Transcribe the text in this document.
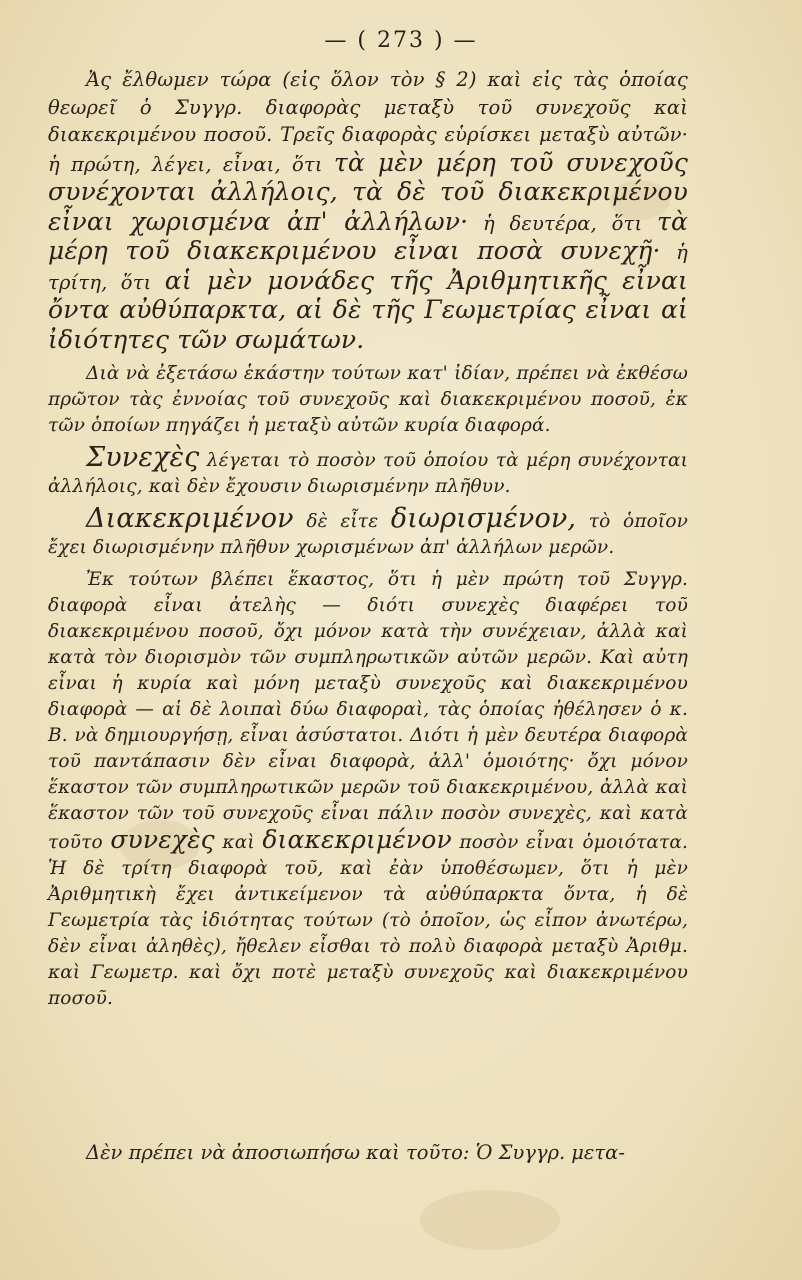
— ( 273 ) —

Ἀς ἔλθωμεν τώρα (εἰς ὅλον τὸν § 2) καὶ εἰς τὰς ὁποίας θεωρεῖ ὁ Συγγρ. διαφορὰς μεταξὺ τοῦ συνεχοῦς καὶ διακεκριμένου ποσοῦ. Τρεῖς διαφορὰς εὑρίσκει μεταξὺ αὐτῶν· ἡ πρώτη, λέγει, εἶναι, ὅτι τὰ μὲν μέρη τοῦ συνεχοῦς συνέχονται ἀλλήλοις, τὰ δὲ τοῦ διακεκριμένου εἶναι χωρισμένα ἀπ' ἀλλήλων· ἡ δευτέρα, ὅτι τὰ μέρη τοῦ διακεκριμένου εἶναι ποσὰ συνεχῆ· ἡ τρίτη, ὅτι αἱ μὲν μονάδες τῆς Ἀριθμητικῆς εἶναι ὄντα αὐθύπαρκτα, αἱ δὲ τῆς Γεωμετρίας εἶναι αἱ ἰδιότητες τῶν σωμάτων.

Διὰ νὰ ἐξετάσω ἑκάστην τούτων κατ' ἰδίαν, πρέπει νὰ ἐκθέσω πρῶτον τὰς ἐννοίας τοῦ συνεχοῦς καὶ διακεκριμένου ποσοῦ, ἐκ τῶν ὁποίων πηγάζει ἡ μεταξὺ αὐτῶν κυρία διαφορά.

Συνεχὲς λέγεται τὸ ποσὸν τοῦ ὁποίου τὰ μέρη συνέχονται ἀλλήλοις, καὶ δὲν ἔχουσιν διωρισμένην πλῆθυν.

Διακεκριμένον δὲ εἶτε διωρισμένον, τὸ ὁποῖον ἔχει διωρισμένην πλῆθυν χωρισμένων ἀπ' ἀλλήλων μερῶν.

Ἐκ τούτων βλέπει ἕκαστος, ὅτι ἡ μὲν πρώτη τοῦ Συγγρ. διαφορὰ εἶναι ἀτελὴς — διότι συνεχὲς διαφέρει τοῦ διακεκριμένου ποσοῦ, ὄχι μόνον κατὰ τὴν συνέχειαν, ἀλλὰ καὶ κατὰ τὸν διορισμὸν τῶν συμπληρωτικῶν αὐτῶν μερῶν. Καὶ αὐτη εἶναι ἡ κυρία καὶ μόνη μεταξὺ συνεχοῦς καὶ διακεκριμένου διαφορὰ — αἱ δὲ λοιπαὶ δύω διαφοραὶ, τὰς ὁποίας ἠθέλησεν ὁ κ. Β. νὰ δημιουργήσῃ, εἶναι ἀσύστατοι. Διότι ἡ μὲν δευτέρα διαφορὰ τοῦ παντάπασιν δὲν εἶναι διαφορὰ, ἀλλ' ὁμοιότης· ὄχι μόνον ἕκαστον τῶν συμπληρωτικῶν μερῶν τοῦ διακεκριμένου, ἀλλὰ καὶ ἕκαστον τῶν τοῦ συνεχοῦς εἶναι πάλιν ποσὸν συνεχὲς, καὶ κατὰ τοῦτο συνεχὲς καὶ διακεκριμένον ποσὸν εἶναι ὁμοιότατα. Ἡ δὲ τρίτη διαφορὰ τοῦ, καὶ ἐὰν ὑποθέσωμεν, ὅτι ἡ μὲν Ἀριθμητικὴ ἔχει ἀντικείμενον τὰ αὐθύπαρκτα ὄντα, ἡ δὲ Γεωμετρία τὰς ἰδιότητας τούτων (τὸ ὁποῖον, ὡς εἶπον ἀνωτέρω, δὲν εἶναι ἀληθὲς), ἤθελεν εἶσθαι τὸ πολὺ διαφορὰ μεταξὺ Ἀριθμ. καὶ Γεωμετρ. καὶ ὄχι ποτὲ μεταξὺ συνεχοῦς καὶ διακεκριμένου ποσοῦ.

Δὲν πρέπει νὰ ἀποσιωπήσω καὶ τοῦτο: Ὁ Συγγρ. μετα-
